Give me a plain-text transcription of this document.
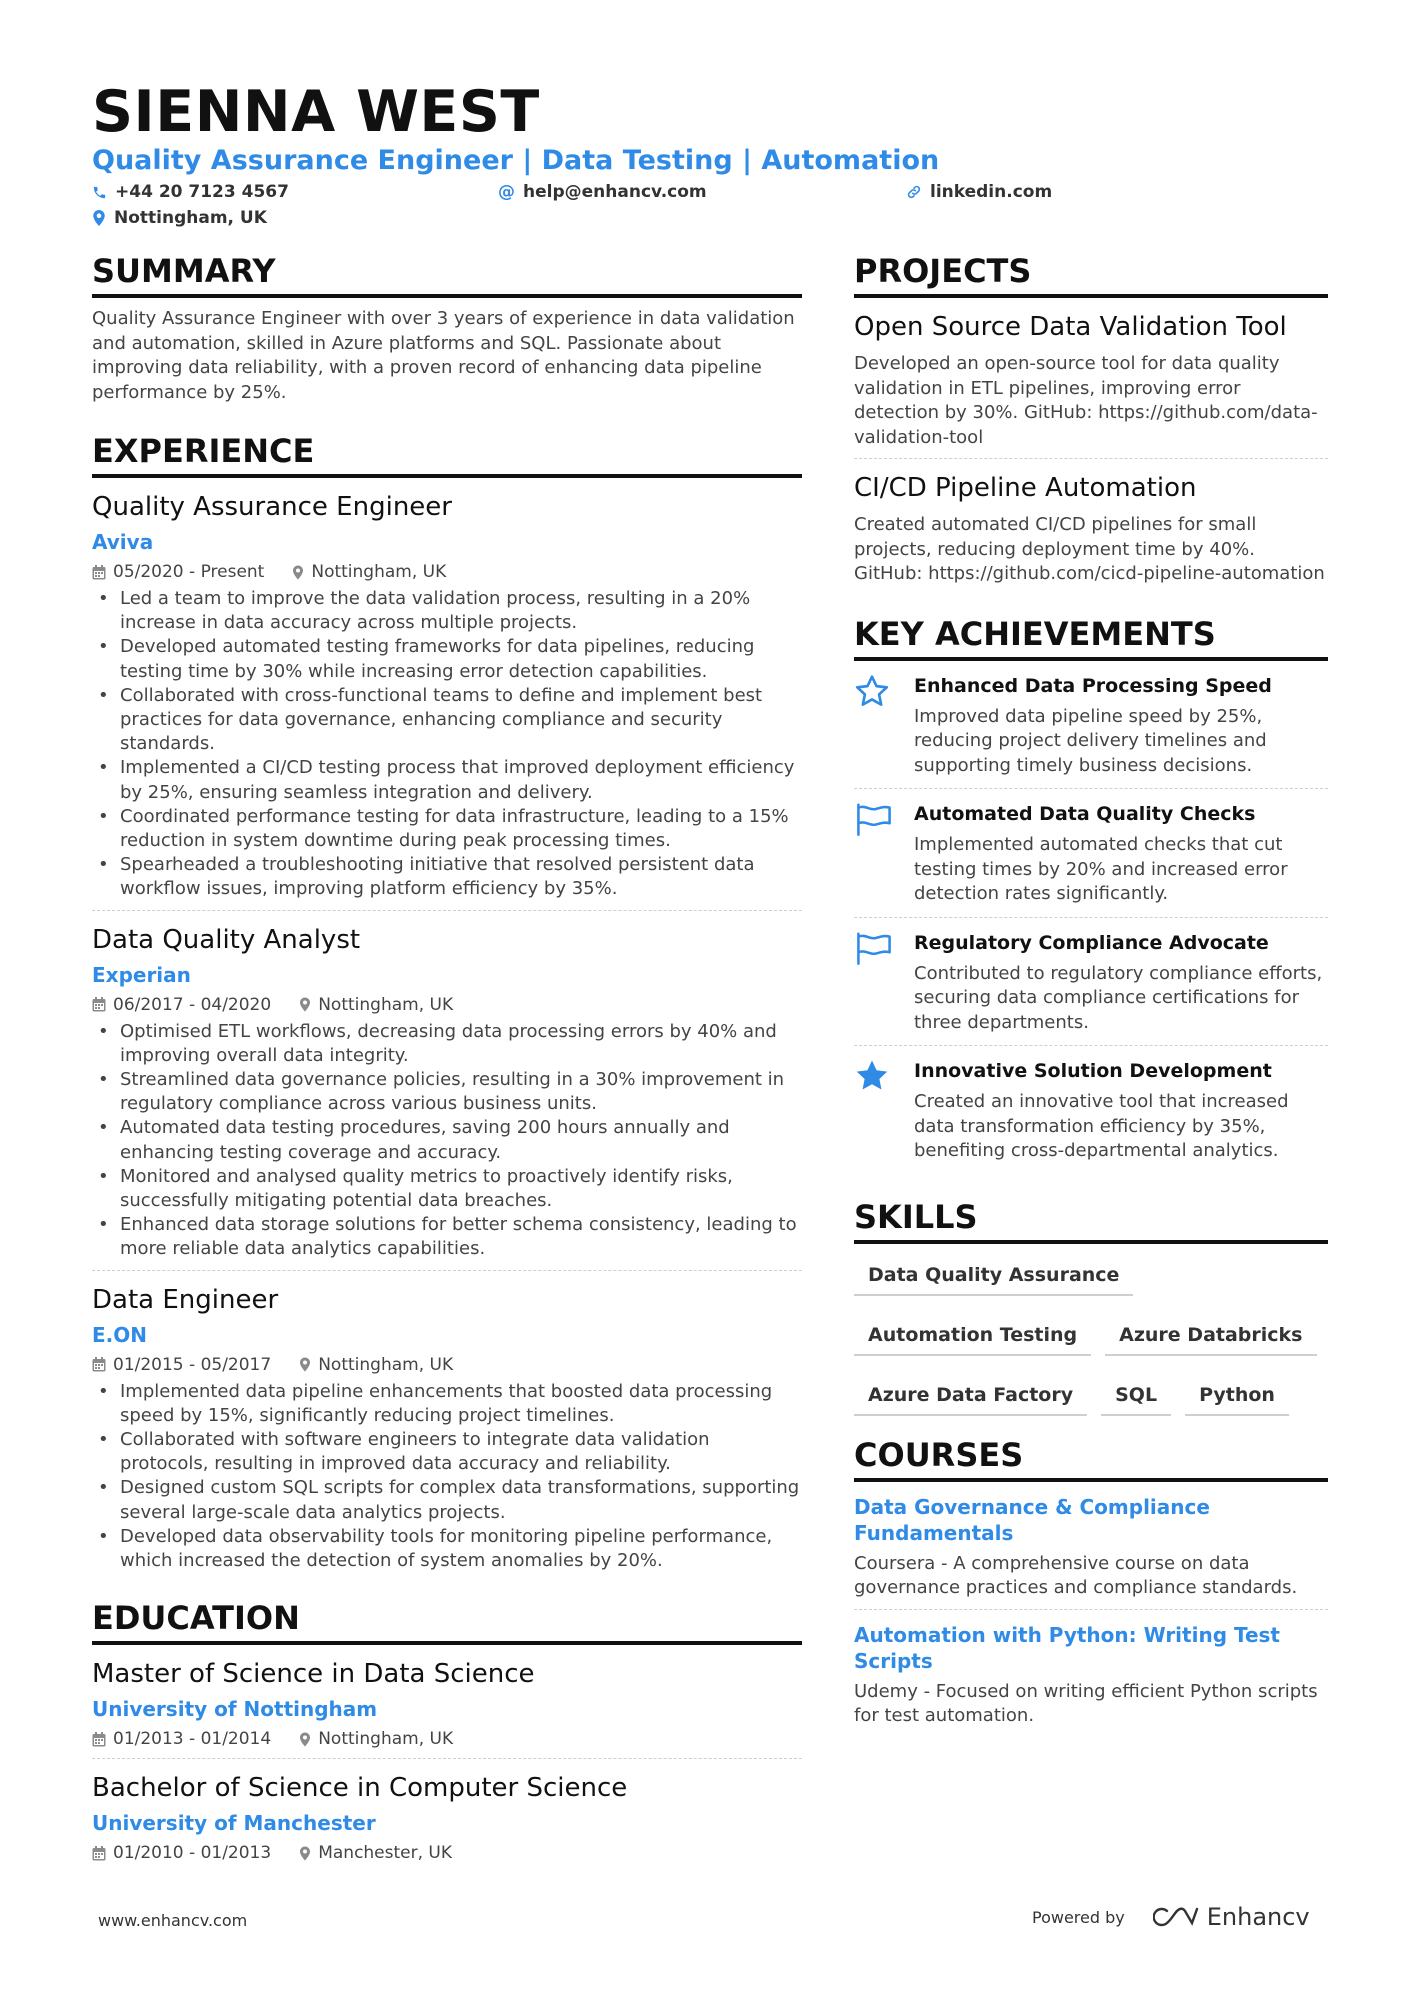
SIENNA WEST
Quality Assurance Engineer | Data Testing | Automation
+44 20 7123 4567	@ help@enhancv.com	linkedin.com
Nottingham, UK
SUMMARY
Quality Assurance Engineer with over 3 years of experience in data validation and automation, skilled in Azure platforms and SQL. Passionate about improving data reliability, with a proven record of enhancing data pipeline performance by 25%.
EXPERIENCE
Quality Assurance Engineer
Aviva
05/2020 - Present	Nottingham, UK
• Led a team to improve the data validation process, resulting in a 20% increase in data accuracy across multiple projects.
• Developed automated testing frameworks for data pipelines, reducing testing time by 30% while increasing error detection capabilities.
• Collaborated with cross-functional teams to define and implement best practices for data governance, enhancing compliance and security standards.
• Implemented a CI/CD testing process that improved deployment efficiency by 25%, ensuring seamless integration and delivery.
• Coordinated performance testing for data infrastructure, leading to a 15% reduction in system downtime during peak processing times.
• Spearheaded a troubleshooting initiative that resolved persistent data workflow issues, improving platform efficiency by 35%.
Data Quality Analyst
Experian
06/2017 - 04/2020	Nottingham, UK
• Optimised ETL workflows, decreasing data processing errors by 40% and improving overall data integrity.
• Streamlined data governance policies, resulting in a 30% improvement in regulatory compliance across various business units.
• Automated data testing procedures, saving 200 hours annually and enhancing testing coverage and accuracy.
• Monitored and analysed quality metrics to proactively identify risks, successfully mitigating potential data breaches.
• Enhanced data storage solutions for better schema consistency, leading to more reliable data analytics capabilities.
Data Engineer
E.ON
01/2015 - 05/2017	Nottingham, UK
• Implemented data pipeline enhancements that boosted data processing speed by 15%, significantly reducing project timelines.
• Collaborated with software engineers to integrate data validation protocols, resulting in improved data accuracy and reliability.
• Designed custom SQL scripts for complex data transformations, supporting several large-scale data analytics projects.
• Developed data observability tools for monitoring pipeline performance, which increased the detection of system anomalies by 20%.
EDUCATION
Master of Science in Data Science
University of Nottingham
01/2013 - 01/2014	Nottingham, UK
Bachelor of Science in Computer Science
University of Manchester
01/2010 - 01/2013	Manchester, UK
PROJECTS
Open Source Data Validation Tool
Developed an open-source tool for data quality validation in ETL pipelines, improving error detection by 30%. GitHub: https://github.com/data-validation-tool
CI/CD Pipeline Automation
Created automated CI/CD pipelines for small projects, reducing deployment time by 40%. GitHub: https://github.com/cicd-pipeline-automation
KEY ACHIEVEMENTS
Enhanced Data Processing Speed
Improved data pipeline speed by 25%, reducing project delivery timelines and supporting timely business decisions.
Automated Data Quality Checks
Implemented automated checks that cut testing times by 20% and increased error detection rates significantly.
Regulatory Compliance Advocate
Contributed to regulatory compliance efforts, securing data compliance certifications for three departments.
Innovative Solution Development
Created an innovative tool that increased data transformation efficiency by 35%, benefiting cross-departmental analytics.
SKILLS
Data Quality Assurance
Automation Testing	Azure Databricks
Azure Data Factory	SQL	Python
COURSES
Data Governance & Compliance Fundamentals
Coursera - A comprehensive course on data governance practices and compliance standards.
Automation with Python: Writing Test Scripts
Udemy - Focused on writing efficient Python scripts for test automation.
www.enhancv.com	Powered by	Enhancv
